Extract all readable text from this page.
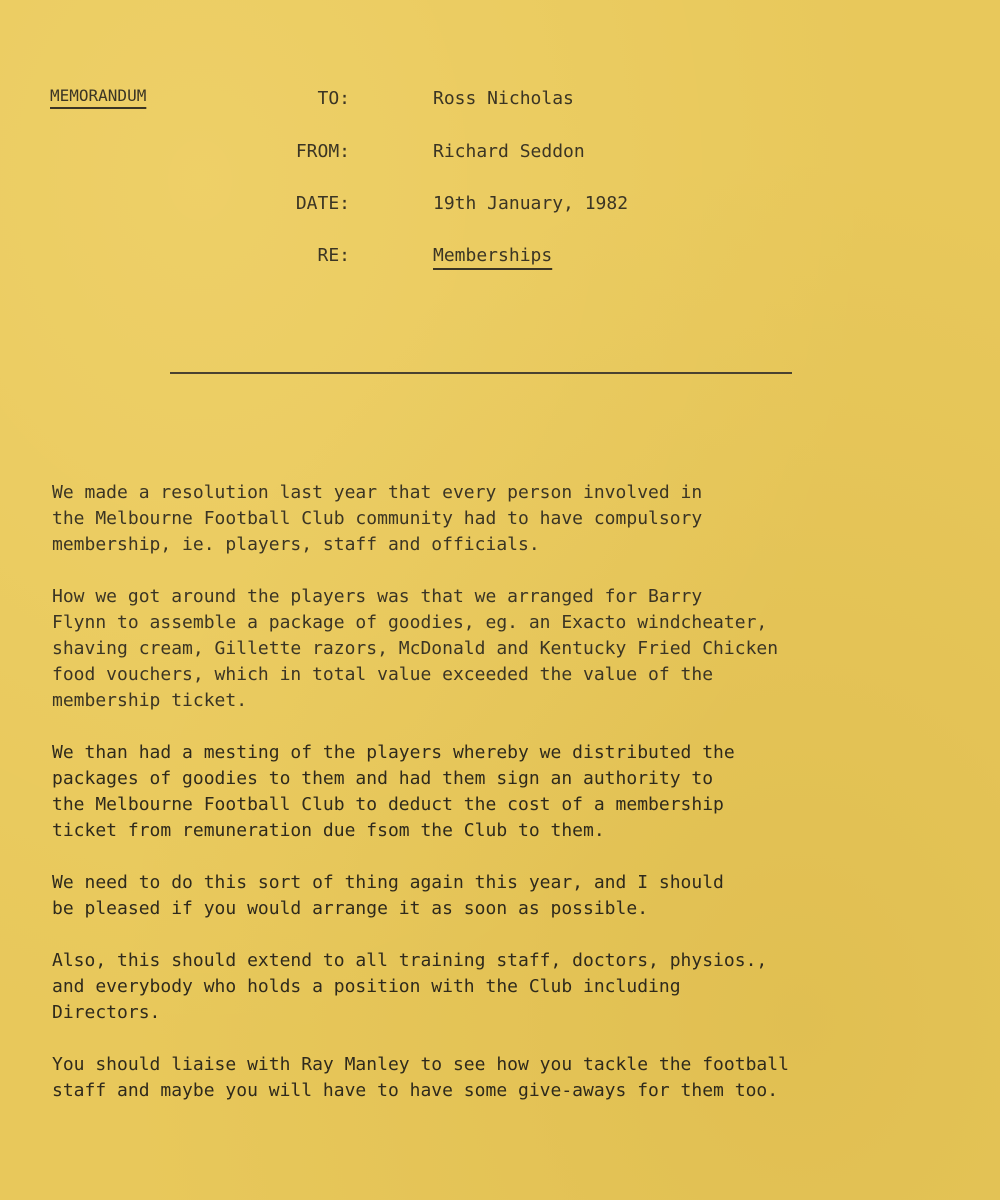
MEMORANDUM	TO:	Ross Nicholas
FROM:	Richard Seddon
DATE:	19th January, 1982
RE:	Memberships

We made a resolution last year that every person involved in
the Melbourne Football Club community had to have compulsory
membership, ie. players, staff and officials.

How we got around the players was that we arranged for Barry
Flynn to assemble a package of goodies, eg. an Exacto windcheater,
shaving cream, Gillette razors, McDonald and Kentucky Fried Chicken
food vouchers, which in total value exceeded the value of the
membership ticket.

We than had a mesting of the players whereby we distributed the
packages of goodies to them and had them sign an authority to
the Melbourne Football Club to deduct the cost of a membership
ticket from remuneration due fsom the Club to them.

We need to do this sort of thing again this year, and I should
be pleased if you would arrange it as soon as possible.

Also, this should extend to all training staff, doctors, physios.,
and everybody who holds a position with the Club including
Directors.

You should liaise with Ray Manley to see how you tackle the football
staff and maybe you will have to have some give-aways for them too.
